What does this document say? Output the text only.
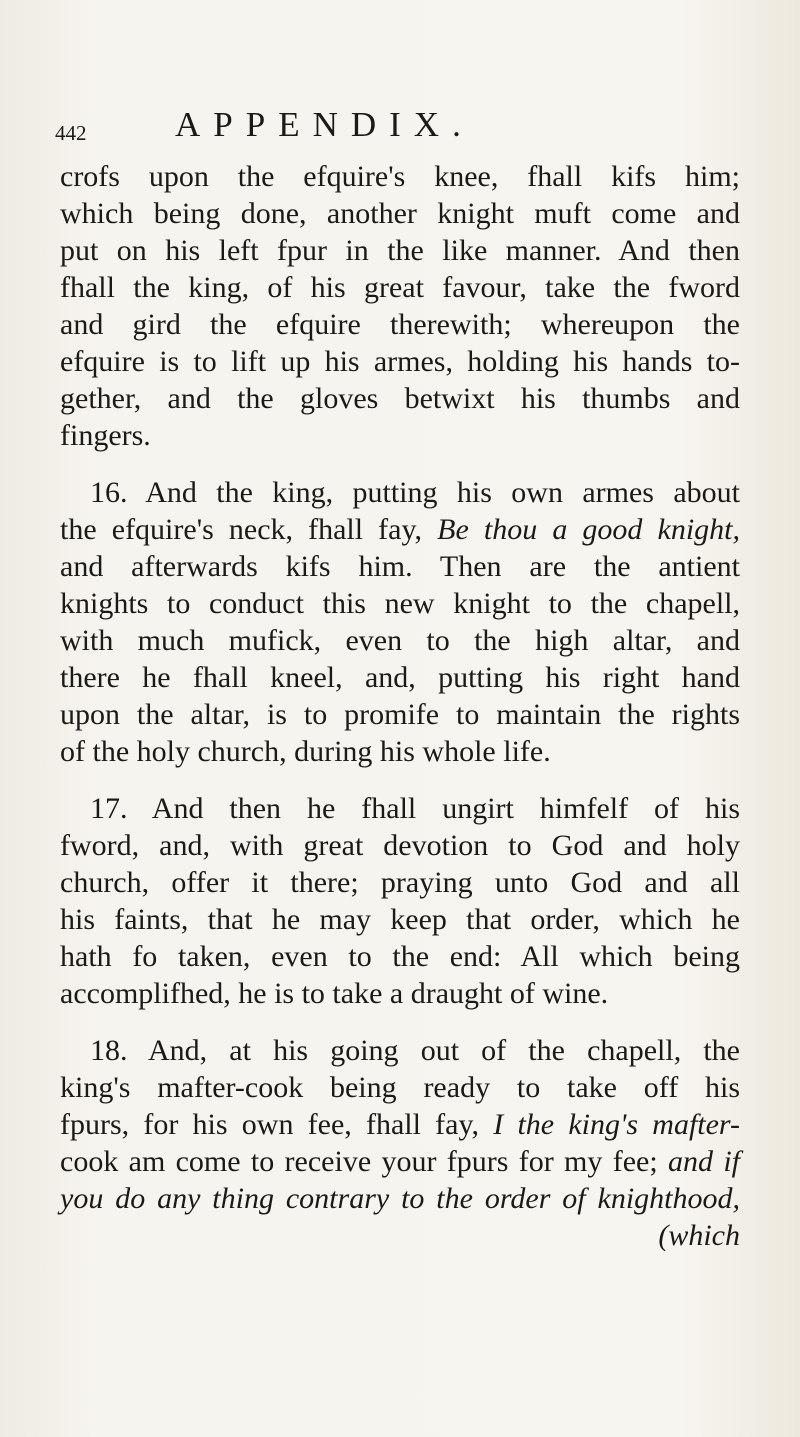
442	APPENDIX.
crofs upon the efquire's knee, fhall kifs him;
which being done, another knight muft come and
put on his left fpur in the like manner. And then
fhall the king, of his great favour, take the fword
and gird the efquire therewith; whereupon the
efquire is to lift up his armes, holding his hands to-
gether, and the gloves betwixt his thumbs and
fingers.
16. And the king, putting his own armes about
the efquire's neck, fhall fay, Be thou a good knight,
and afterwards kifs him. Then are the antient
knights to conduct this new knight to the chapell,
with much mufick, even to the high altar, and
there he fhall kneel, and, putting his right hand
upon the altar, is to promife to maintain the rights
of the holy church, during his whole life.
17. And then he fhall ungirt himfelf of his
fword, and, with great devotion to God and holy
church, offer it there; praying unto God and all
his faints, that he may keep that order, which he
hath fo taken, even to the end: All which being
accomplifhed, he is to take a draught of wine.
18. And, at his going out of the chapell, the
king's mafter-cook being ready to take off his
fpurs, for his own fee, fhall fay, I the king's mafter-
cook am come to receive your fpurs for my fee; and if
you do any thing contrary to the order of knighthood,
(which
